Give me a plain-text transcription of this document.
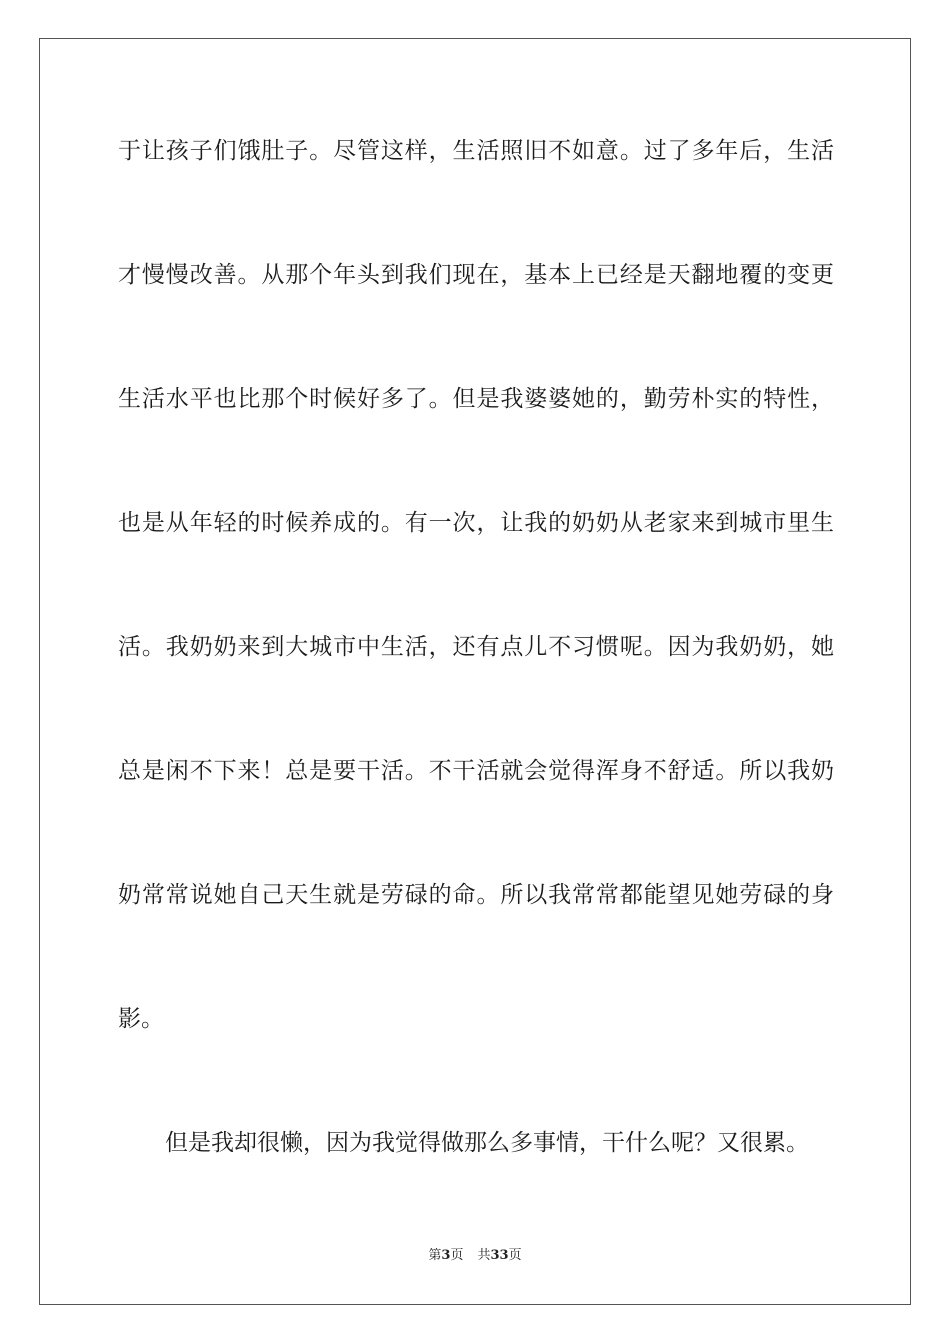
于让孩子们饿肚子。尽管这样，生活照旧不如意。过了多年后，生活
才慢慢改善。从那个年头到我们现在，基本上已经是天翻地覆的变更
生活水平也比那个时候好多了。但是我婆婆她的，勤劳朴实的特性，
也是从年轻的时候养成的。有一次，让我的奶奶从老家来到城市里生
活。我奶奶来到大城市中生活，还有点儿不习惯呢。因为我奶奶，她
总是闲不下来！总是要干活。不干活就会觉得浑身不舒适。所以我奶
奶常常说她自己天生就是劳碌的命。所以我常常都能望见她劳碌的身
影。
但是我却很懒，因为我觉得做那么多事情，干什么呢？又很累。
第3页 共33页
